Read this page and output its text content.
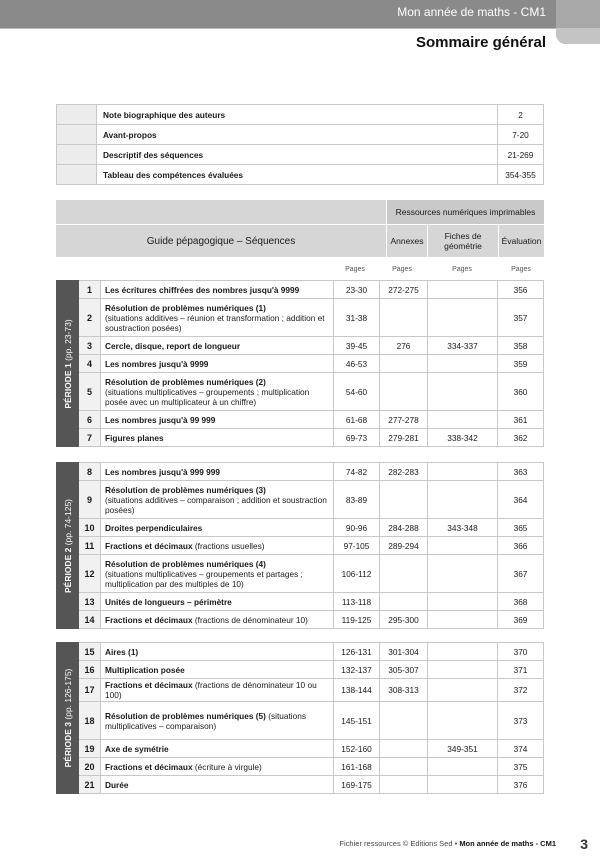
Mon année de maths - CM1
Sommaire général
	Note biographique des auteurs	2
	Avant-propos	7-20
	Descriptif des séquences	21-269
	Tableau des compétences évaluées	354-355
Ressources numériques imprimables
Guide pépagogique – Séquences	Annexes	Fiches de géométrie	Évaluation
Pages	Pages	Pages	Pages
PÉRIODE 1 (pp. 23-73)	1	Les écritures chiffrées des nombres jusqu'à 9999	23-30	272-275		356
	2	Résolution de problèmes numériques (1)
(situations additives – réunion et transformation ; addition et soustraction posées)	31-38			357
	3	Cercle, disque, report de longueur	39-45	276	334-337	358
	4	Les nombres jusqu'à 9999	46-53			359
	5	Résolution de problèmes numériques (2)
(situations multiplicatives – groupements ; multiplication posée avec un multiplicateur à un chiffre)	54-60			360
	6	Les nombres jusqu'à 99 999	61-68	277-278		361
	7	Figures planes	69-73	279-281	338-342	362
PÉRIODE 2 (pp. 74-125)	8	Les nombres jusqu'à 999 999	74-82	282-283		363
	9	Résolution de problèmes numériques (3)
(situations additives – comparaison ; addition et soustraction posées)	83-89			364
	10	Droites perpendiculaires	90-96	284-288	343-348	365
	11	Fractions et décimaux (fractions usuelles)	97-105	289-294		366
	12	Résolution de problèmes numériques (4)
(situations multiplicatives – groupements et partages ; multiplication par des multiples de 10)	106-112			367
	13	Unités de longueurs – périmètre	113-118			368
	14	Fractions et décimaux (fractions de dénominateur 10)	119-125	295-300		369
PÉRIODE 3 (pp. 126-175)	15	Aires (1)	126-131	301-304		370
	16	Multiplication posée	132-137	305-307		371
	17	Fractions et décimaux (fractions de dénominateur 10 ou 100)	138-144	308-313		372
	18	Résolution de problèmes numériques (5) (situations multiplicatives – comparaison)	145-151			373
	19	Axe de symétrie	152-160		349-351	374
	20	Fractions et décimaux (écriture à virgule)	161-168			375
	21	Durée	169-175			376
Fichier ressources © Editions Sed • Mon année de maths - CM1 3
